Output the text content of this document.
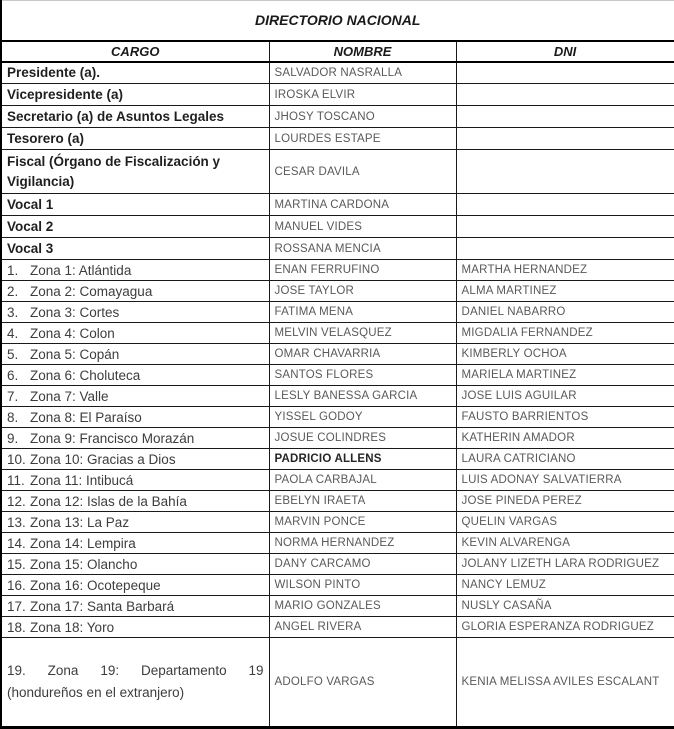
DIRECTORIO NACIONAL		
CARGO	NOMBRE	DNI
Presidente (a).	SALVADOR NASRALLA	
Vicepresidente (a)	IROSKA ELVIR	
Secretario (a) de Asuntos Legales	JHOSY TOSCANO	
Tesorero (a)	LOURDES ESTAPE	
Fiscal (Órgano de Fiscalización y Vigilancia)	CESAR DAVILA	
Vocal 1	MARTINA CARDONA	
Vocal 2	MANUEL VIDES	
Vocal 3	ROSSANA MENCIA	
1. Zona 1: Atlántida	ENAN FERRUFINO	MARTHA HERNANDEZ
2. Zona 2: Comayagua	JOSE TAYLOR	ALMA MARTINEZ
3. Zona 3: Cortes	FATIMA MENA	DANIEL NABARRO
4. Zona 4: Colon	MELVIN VELASQUEZ	MIGDALIA FERNANDEZ
5. Zona 5: Copán	OMAR CHAVARRIA	KIMBERLY OCHOA
6. Zona 6: Choluteca	SANTOS FLORES	MARIELA MARTINEZ
7. Zona 7: Valle	LESLY BANESSA GARCIA	JOSE LUIS AGUILAR
8. Zona 8: El Paraíso	YISSEL GODOY	FAUSTO BARRIENTOS
9. Zona 9: Francisco Morazán	JOSUE COLINDRES	KATHERIN AMADOR
10. Zona 10: Gracias a Dios	PADRICIO ALLENS	LAURA CATRICIANO
11. Zona 11: Intibucá	PAOLA CARBAJAL	LUIS ADONAY SALVATIERRA
12. Zona 12: Islas de la Bahía	EBELYN IRAETA	JOSE PINEDA PEREZ
13. Zona 13: La Paz	MARVIN PONCE	QUELIN VARGAS
14. Zona 14: Lempira	NORMA HERNANDEZ	KEVIN ALVARENGA
15. Zona 15: Olancho	DANY CARCAMO	JOLANY LIZETH LARA RODRIGUEZ
16. Zona 16: Ocotepeque	WILSON PINTO	NANCY LEMUZ
17. Zona 17: Santa Barbará	MARIO GONZALES	NUSLY CASAÑA
18. Zona 18: Yoro	ANGEL RIVERA	GLORIA ESPERANZA RODRIGUEZ
19. Zona 19: Departamento 19 (hondureños en el extranjero)	ADOLFO VARGAS	KENIA MELISSA AVILES ESCALANT
